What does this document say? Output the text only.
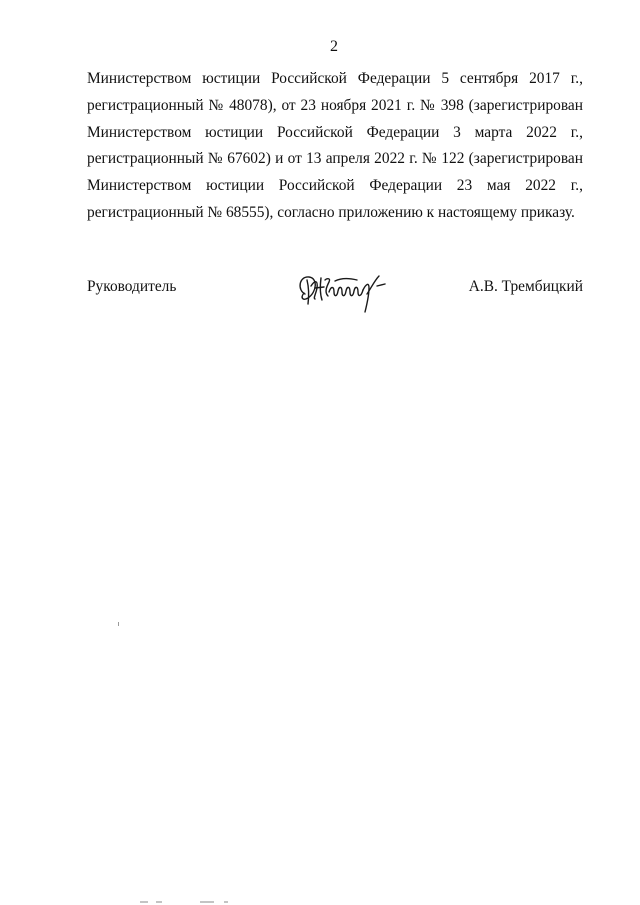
2
Министерством юстиции Российской Федерации 5 сентября 2017 г.,
регистрационный № 48078), от 23 ноября 2021 г. № 398 (зарегистрирован
Министерством юстиции Российской Федерации 3 марта 2022 г.,
регистрационный № 67602) и от 13 апреля 2022 г. № 122 (зарегистрирован
Министерством юстиции Российской Федерации 23 мая 2022 г.,
регистрационный № 68555), согласно приложению к настоящему приказу.
Руководитель	А.В. Трембицкий
